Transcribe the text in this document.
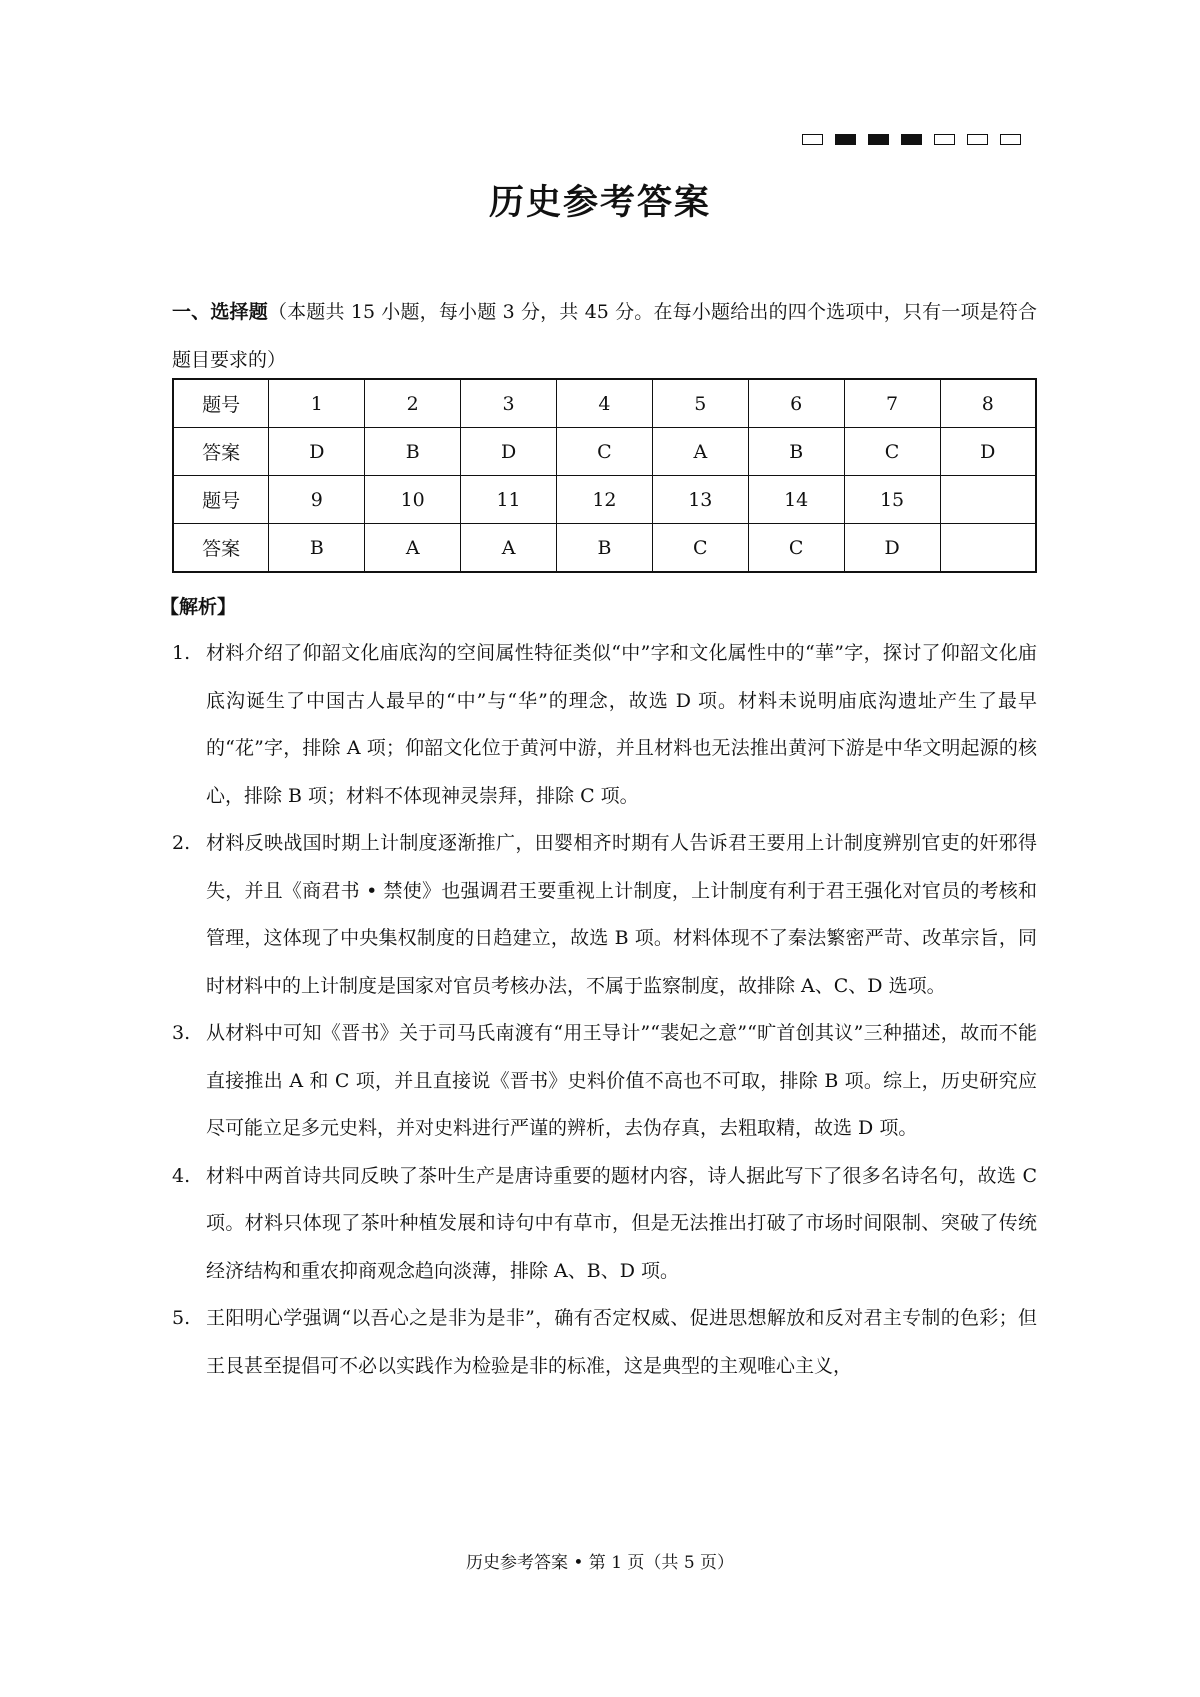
历史参考答案
一、选择题（本题共 15 小题，每小题 3 分，共 45 分。在每小题给出的四个选项中，只有一项是符合题目要求的）
题号	1	2	3	4	5	6	7	8
答案	D	B	D	C	A	B	C	D
题号	9	10	11	12	13	14	15	
答案	B	A	A	B	C	C	D	
【解析】
1. 材料介绍了仰韶文化庙底沟的空间属性特征类似“中”字和文化属性中的“華”字，探讨了仰韶文化庙底沟诞生了中国古人最早的“中”与“华”的理念，故选 D 项。材料未说明庙底沟遗址产生了最早的“花”字，排除 A 项；仰韶文化位于黄河中游，并且材料也无法推出黄河下游是中华文明起源的核心，排除 B 项；材料不体现神灵崇拜，排除 C 项。
2. 材料反映战国时期上计制度逐渐推广，田婴相齐时期有人告诉君王要用上计制度辨别官吏的奸邪得失，并且《商君书 • 禁使》也强调君王要重视上计制度，上计制度有利于君王强化对官员的考核和管理，这体现了中央集权制度的日趋建立，故选 B 项。材料体现不了秦法繁密严苛、改革宗旨，同时材料中的上计制度是国家对官员考核办法，不属于监察制度，故排除 A、C、D 选项。
3. 从材料中可知《晋书》关于司马氏南渡有“用王导计”“裴妃之意”“旷首创其议”三种描述，故而不能直接推出 A 和 C 项，并且直接说《晋书》史料价值不高也不可取，排除 B 项。综上，历史研究应尽可能立足多元史料，并对史料进行严谨的辨析，去伪存真，去粗取精，故选 D 项。
4. 材料中两首诗共同反映了茶叶生产是唐诗重要的题材内容，诗人据此写下了很多名诗名句，故选 C 项。材料只体现了茶叶种植发展和诗句中有草市，但是无法推出打破了市场时间限制、突破了传统经济结构和重农抑商观念趋向淡薄，排除 A、B、D 项。
5. 王阳明心学强调“以吾心之是非为是非”，确有否定权威、促进思想解放和反对君主专制的色彩；但王艮甚至提倡可不必以实践作为检验是非的标准，这是典型的主观唯心主义，
历史参考答案 • 第 1 页（共 5 页）
